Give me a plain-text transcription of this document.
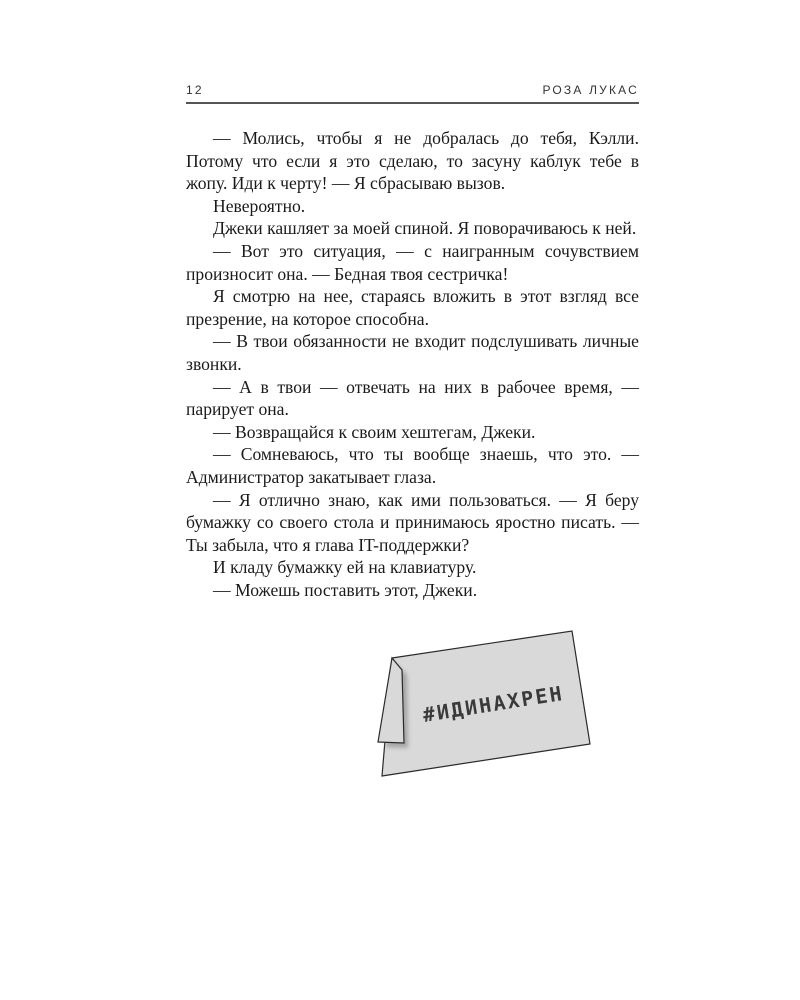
12	РОЗА ЛУКАС

— Молись, чтобы я не добралась до тебя, Кэлли. Потому что если я это сделаю, то засуну каблук тебе в жопу. Иди к черту! — Я сбрасываю вызов.

Невероятно.

Джеки кашляет за моей спиной. Я поворачиваюсь к ней.

— Вот это ситуация, — с наигранным сочувствием произносит она. — Бедная твоя сестричка!

Я смотрю на нее, стараясь вложить в этот взгляд все презрение, на которое способна.

— В твои обязанности не входит подслушивать личные звонки.

— А в твои — отвечать на них в рабочее время, — парирует она.

— Возвращайся к своим хештегам, Джеки.

— Сомневаюсь, что ты вообще знаешь, что это. — Администратор закатывает глаза.

— Я отлично знаю, как ими пользоваться. — Я беру бумажку со своего стола и принимаюсь яростно писать. — Ты забыла, что я глава IT-поддержки?

И кладу бумажку ей на клавиатуру.

— Можешь поставить этот, Джеки.

#ИДИНАХРЕН
